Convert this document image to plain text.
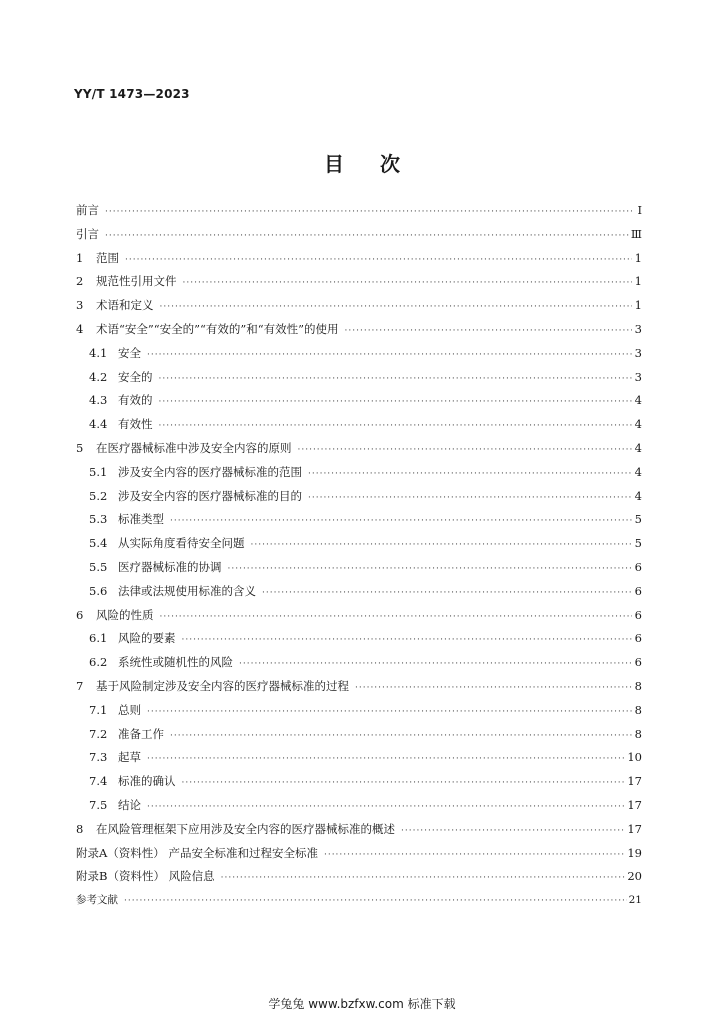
YY/T 1473—2023
目次
前言 ·····	I
引言 ·····	Ⅲ
1	范围 ·····	1
2	规范性引用文件 ·····	1
3	术语和定义 ·····	1
4	术语“安全”“安全的”“有效的”和“有效性”的使用 ·····	3
4.1 安全 ·····	3
4.2 安全的 ·····	3
4.3 有效的 ·····	4
4.4 有效性 ·····	4
5	在医疗器械标准中涉及安全内容的原则 ·····	4
5.1 涉及安全内容的医疗器械标准的范围 ·····	4
5.2 涉及安全内容的医疗器械标准的目的 ·····	4
5.3 标准类型 ·····	5
5.4 从实际角度看待安全问题 ·····	5
5.5 医疗器械标准的协调 ·····	6
5.6 法律或法规使用标准的含义 ·····	6
6	风险的性质 ·····	6
6.1 风险的要素 ·····	6
6.2 系统性或随机性的风险 ·····	6
7	基于风险制定涉及安全内容的医疗器械标准的过程 ·····	8
7.1 总则 ·····	8
7.2 准备工作 ·····	8
7.3 起草 ·····	10
7.4 标准的确认 ·····	17
7.5 结论 ·····	17
8	在风险管理框架下应用涉及安全内容的医疗器械标准的概述 ·····	17
附录A（资料性） 产品安全标准和过程安全标准 ·····	19
附录B（资料性） 风险信息 ·····	20
参考文献 ·····	21
学兔兔 www.bzfxw.com 标准下载
